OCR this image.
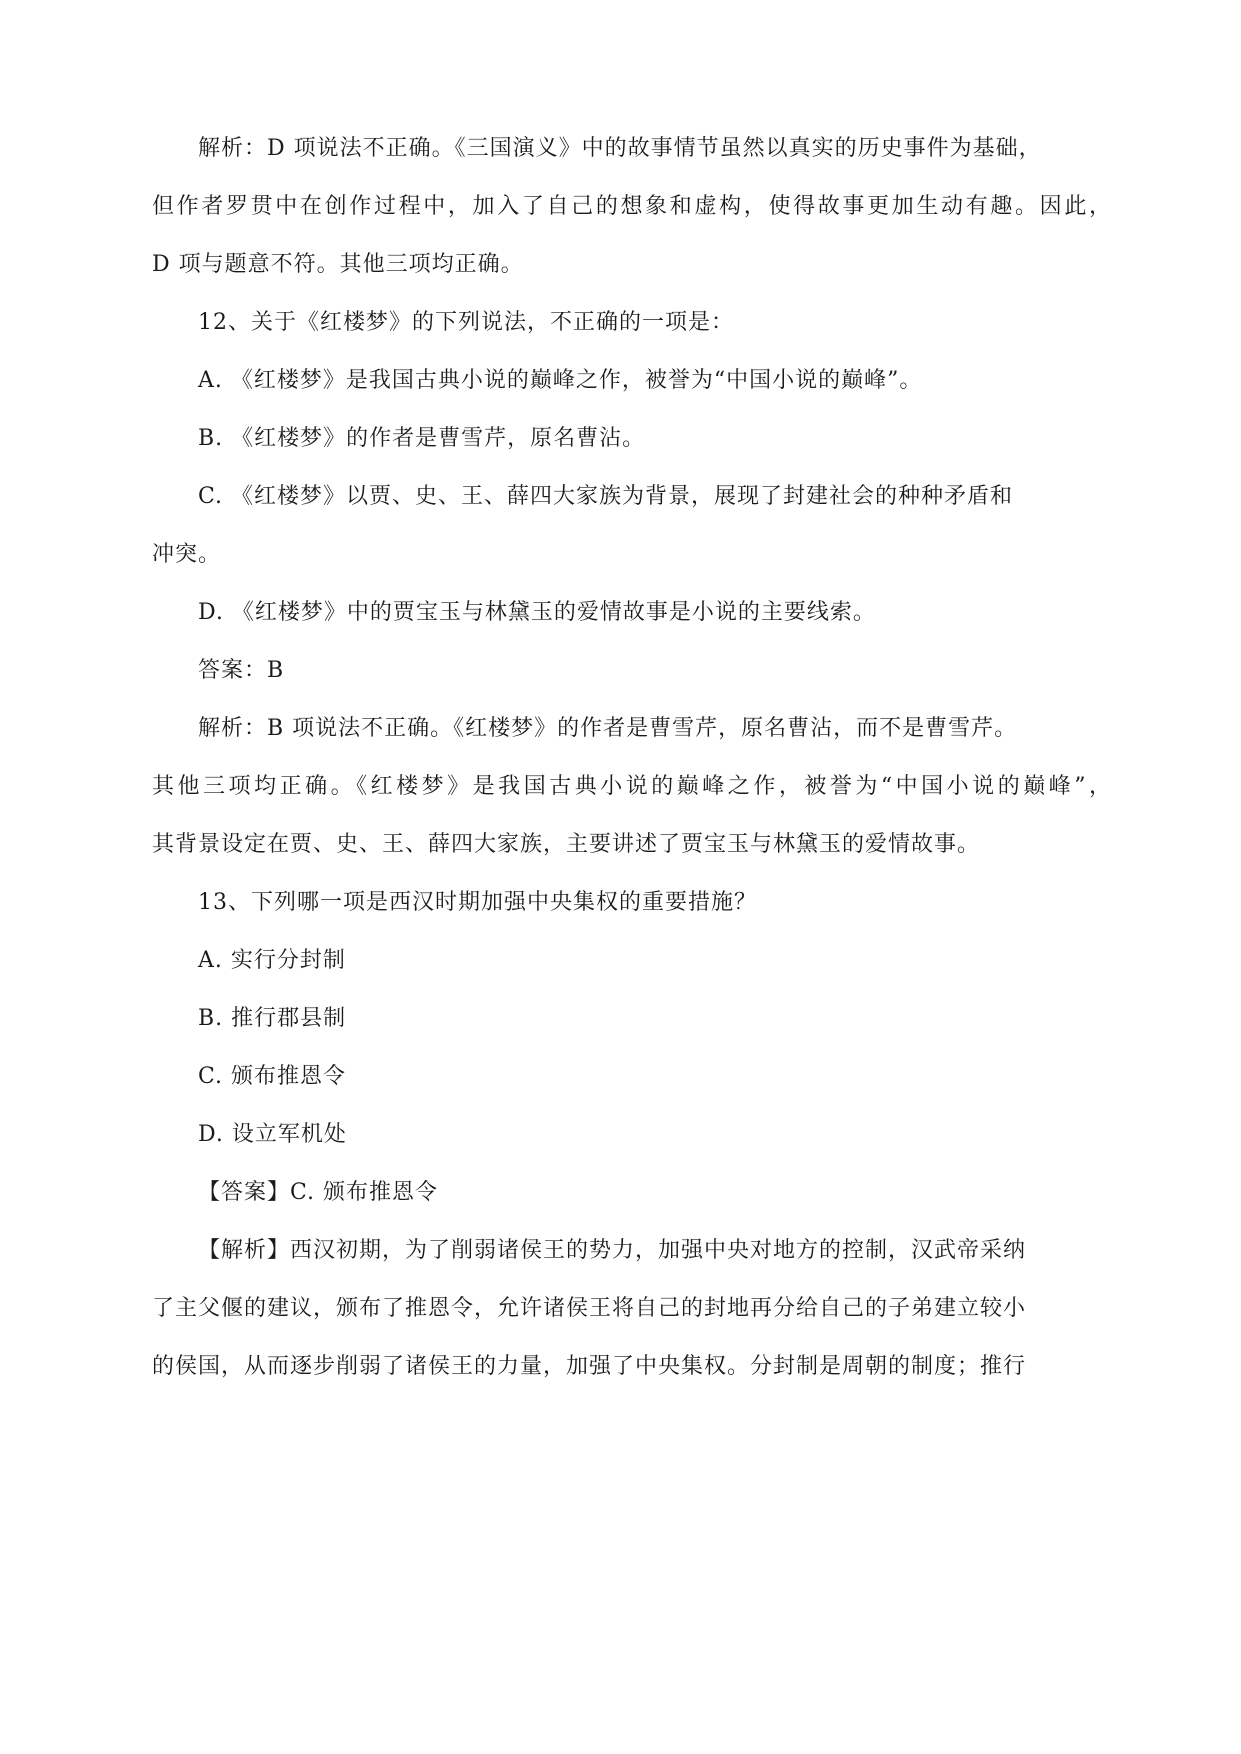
解析：D 项说法不正确。《三国演义》中的故事情节虽然以真实的历史事件为基础，
但作者罗贯中在创作过程中，加入了自己的想象和虚构，使得故事更加生动有趣。因此，
D 项与题意不符。其他三项均正确。
12、关于《红楼梦》的下列说法，不正确的一项是：
A. 《红楼梦》是我国古典小说的巅峰之作，被誉为“中国小说的巅峰”。
B. 《红楼梦》的作者是曹雪芹，原名曹沾。
C. 《红楼梦》以贾、史、王、薛四大家族为背景，展现了封建社会的种种矛盾和
冲突。
D. 《红楼梦》中的贾宝玉与林黛玉的爱情故事是小说的主要线索。
答案：B
解析：B 项说法不正确。《红楼梦》的作者是曹雪芹，原名曹沾，而不是曹雪芹。
其他三项均正确。《红楼梦》是我国古典小说的巅峰之作，被誉为“中国小说的巅峰”，
其背景设定在贾、史、王、薛四大家族，主要讲述了贾宝玉与林黛玉的爱情故事。
13、下列哪一项是西汉时期加强中央集权的重要措施？
A. 实行分封制
B. 推行郡县制
C. 颁布推恩令
D. 设立军机处
【答案】C. 颁布推恩令
【解析】西汉初期，为了削弱诸侯王的势力，加强中央对地方的控制，汉武帝采纳
了主父偃的建议，颁布了推恩令，允许诸侯王将自己的封地再分给自己的子弟建立较小
的侯国，从而逐步削弱了诸侯王的力量，加强了中央集权。分封制是周朝的制度；推行
